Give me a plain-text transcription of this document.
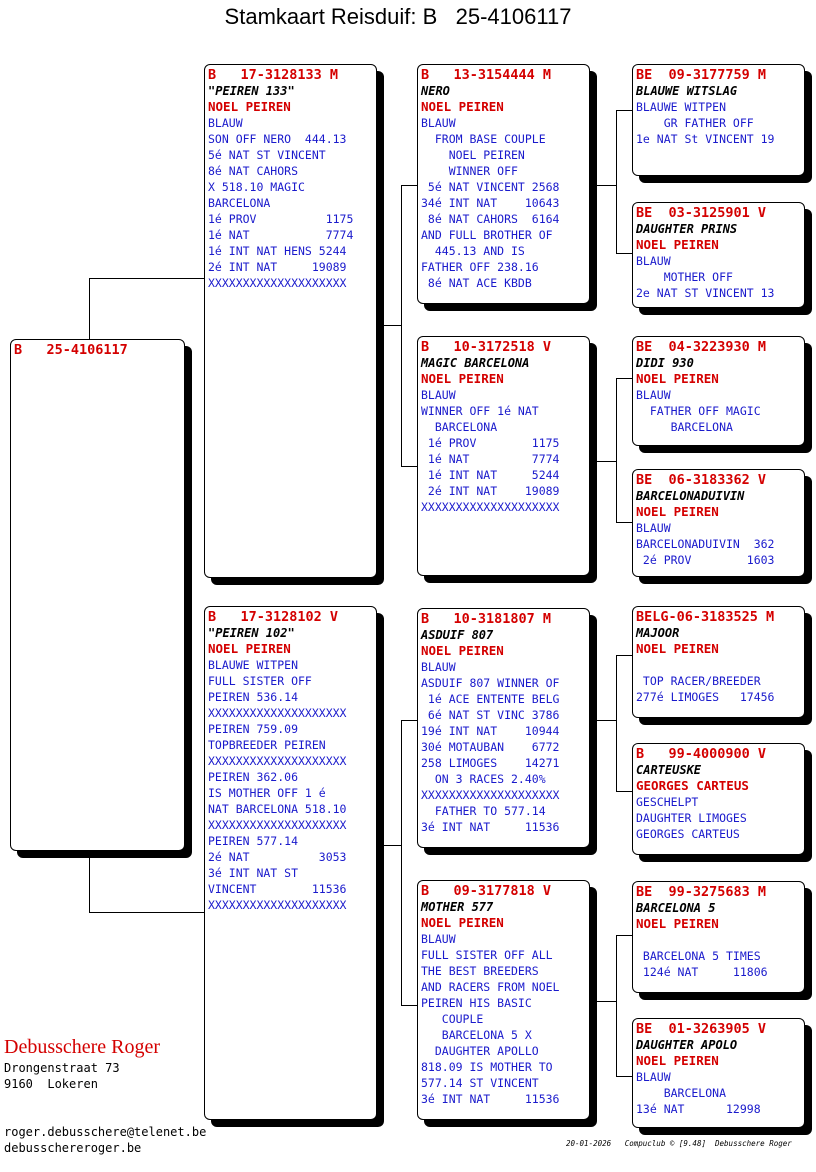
Stamkaart Reisduif: B   25-4106117
B   25-4106117
B   17-3128133 M
"PEIREN 133"
NOEL PEIREN
BLAUW
SON OFF NERO  444.13
5é NAT ST VINCENT
8é NAT CAHORS
X 518.10 MAGIC
BARCELONA
1é PROV          1175
1é NAT           7774
1é INT NAT HENS 5244
2é INT NAT     19089
XXXXXXXXXXXXXXXXXXXX
B   17-3128102 V
"PEIREN 102"
NOEL PEIREN
BLAUWE WITPEN
FULL SISTER OFF
PEIREN 536.14
XXXXXXXXXXXXXXXXXXXX
PEIREN 759.09
TOPBREEDER PEIREN
XXXXXXXXXXXXXXXXXXXX
PEIREN 362.06
IS MOTHER OFF 1 é
NAT BARCELONA 518.10
XXXXXXXXXXXXXXXXXXXX
PEIREN 577.14
2é NAT          3053
3é INT NAT ST
VINCENT        11536
XXXXXXXXXXXXXXXXXXXX
B   13-3154444 M
NERO
NOEL PEIREN
BLAUW
FROM BASE COUPLE
NOEL PEIREN
WINNER OFF
5é NAT VINCENT 2568
34é INT NAT    10643
8é NAT CAHORS  6164
AND FULL BROTHER OF
445.13 AND IS
FATHER OFF 238.16
8é NAT ACE KBDB
B   10-3172518 V
MAGIC BARCELONA
NOEL PEIREN
BLAUW
WINNER OFF 1é NAT
BARCELONA
1é PROV        1175
1é NAT         7774
1é INT NAT     5244
2é INT NAT    19089
XXXXXXXXXXXXXXXXXXXX
B   10-3181807 M
ASDUIF 807
NOEL PEIREN
BLAUW
ASDUIF 807 WINNER OF
1é ACE ENTENTE BELG
6é NAT ST VINC 3786
19é INT NAT    10944
30é MOTAUBAN    6772
258 LIMOGES    14271
ON 3 RACES 2.40%
XXXXXXXXXXXXXXXXXXXX
FATHER TO 577.14
3é INT NAT     11536
B   09-3177818 V
MOTHER 577
NOEL PEIREN
BLAUW
FULL SISTER OFF ALL
THE BEST BREEDERS
AND RACERS FROM NOEL
PEIREN HIS BASIC
COUPLE
BARCELONA 5 X
DAUGHTER APOLLO
818.09 IS MOTHER TO
577.14 ST VINCENT
3é INT NAT     11536
BE  09-3177759 M
BLAUWE WITSLAG
BLAUWE WITPEN
GR FATHER OFF
1e NAT St VINCENT 19
BE  03-3125901 V
DAUGHTER PRINS
NOEL PEIREN
BLAUW
MOTHER OFF
2e NAT ST VINCENT 13
BE  04-3223930 M
DIDI 930
NOEL PEIREN
BLAUW
FATHER OFF MAGIC
BARCELONA
BE  06-3183362 V
BARCELONADUIVIN
NOEL PEIREN
BLAUW
BARCELONADUIVIN  362
2é PROV        1603
BELG-06-3183525 M
MAJOOR
NOEL PEIREN
TOP RACER/BREEDER
277é LIMOGES   17456
B   99-4000900 V
CARTEUSKE
GEORGES CARTEUS
GESCHELPT
DAUGHTER LIMOGES
GEORGES CARTEUS
BE  99-3275683 M
BARCELONA 5
NOEL PEIREN
BARCELONA 5 TIMES
124é NAT     11806
BE  01-3263905 V
DAUGHTER APOLO
NOEL PEIREN
BLAUW
BARCELONA
13é NAT      12998
Debusschere Roger
Drongenstraat 73
9160  Lokeren
roger.debusschere@telenet.be
debusschereroger.be	20-01-2026   Compuclub © [9.48]  Debusschere Roger
